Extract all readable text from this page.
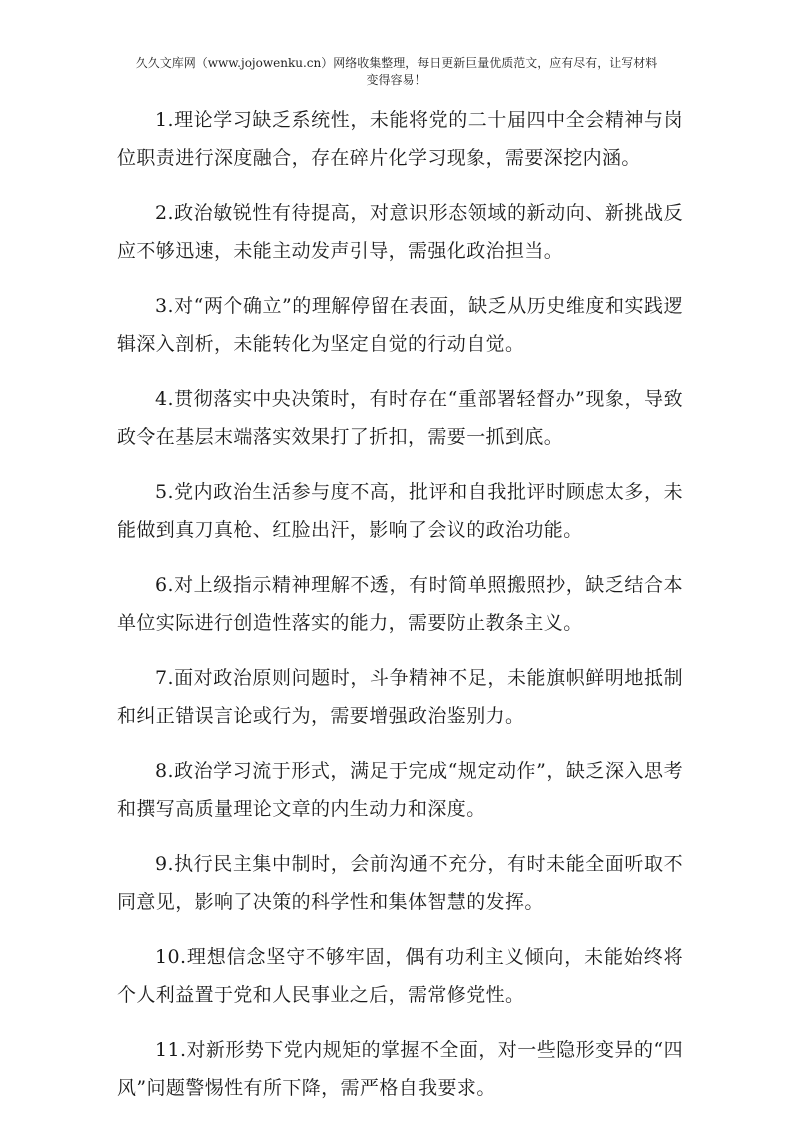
久久文库网（www.jojowenku.cn）网络收集整理，每日更新巨量优质范文，应有尽有，让写材料
变得容易！

1.理论学习缺乏系统性，未能将党的二十届四中全会精神与岗位职责进行深度融合，存在碎片化学习现象，需要深挖内涵。

2.政治敏锐性有待提高，对意识形态领域的新动向、新挑战反应不够迅速，未能主动发声引导，需强化政治担当。

3.对“两个确立”的理解停留在表面，缺乏从历史维度和实践逻辑深入剖析，未能转化为坚定自觉的行动自觉。

4.贯彻落实中央决策时，有时存在“重部署轻督办”现象，导致政令在基层末端落实效果打了折扣，需要一抓到底。

5.党内政治生活参与度不高，批评和自我批评时顾虑太多，未能做到真刀真枪、红脸出汗，影响了会议的政治功能。

6.对上级指示精神理解不透，有时简单照搬照抄，缺乏结合本单位实际进行创造性落实的能力，需要防止教条主义。

7.面对政治原则问题时，斗争精神不足，未能旗帜鲜明地抵制和纠正错误言论或行为，需要增强政治鉴别力。

8.政治学习流于形式，满足于完成“规定动作”，缺乏深入思考和撰写高质量理论文章的内生动力和深度。

9.执行民主集中制时，会前沟通不充分，有时未能全面听取不同意见，影响了决策的科学性和集体智慧的发挥。

10.理想信念坚守不够牢固，偶有功利主义倾向，未能始终将个人利益置于党和人民事业之后，需常修党性。

11.对新形势下党内规矩的掌握不全面，对一些隐形变异的“四风”问题警惕性有所下降，需严格自我要求。
